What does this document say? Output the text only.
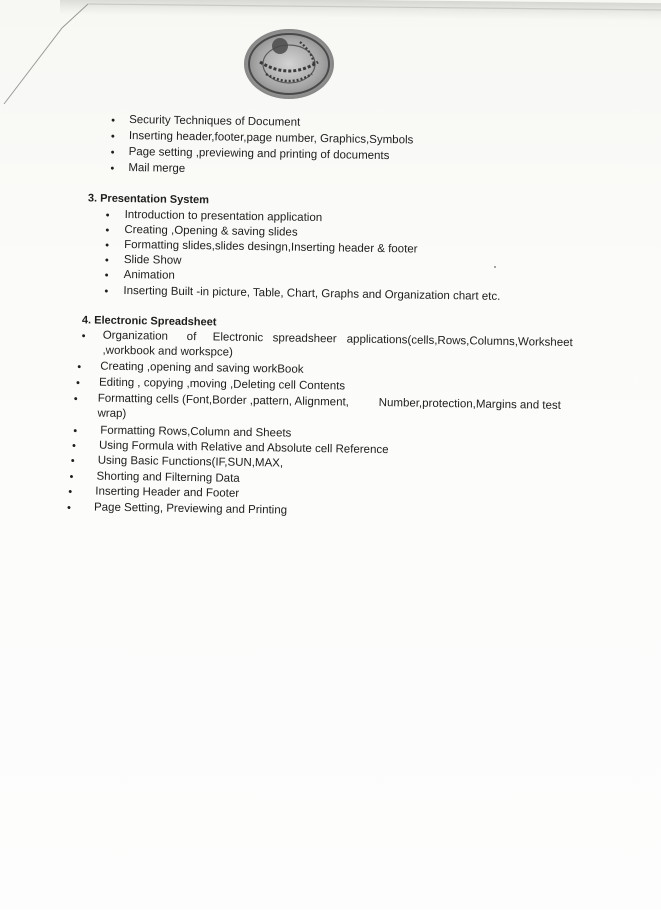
• Security Techniques of Document
• Inserting header,footer,page number, Graphics,Symbols
• Page setting ,previewing and printing of documents
• Mail merge
3. Presentation System
• Introduction to presentation application
• Creating ,Opening & saving slides
• Formatting slides,slides desingn,Inserting header & footer
• Slide Show
• Animation
• Inserting Built -in picture, Table, Chart, Graphs and Organization chart etc.
4. Electronic Spreadsheet
• Organization of Electronic spreadsheer applications(cells,Rows,Columns,Worksheet
,workbook and workspce)
• Creating ,opening and saving workBook
• Editing , copying ,moving ,Deleting cell Contents
• Formatting cells (Font,Border ,pattern, Alignment,	Number,protection,Margins and test
wrap)
• Formatting Rows,Column and Sheets
• Using Formula with Relative and Absolute cell Reference
• Using Basic Functions(IF,SUN,MAX,
• Shorting and Filterning Data
• Inserting Header and Footer
• Page Setting, Previewing and Printing
